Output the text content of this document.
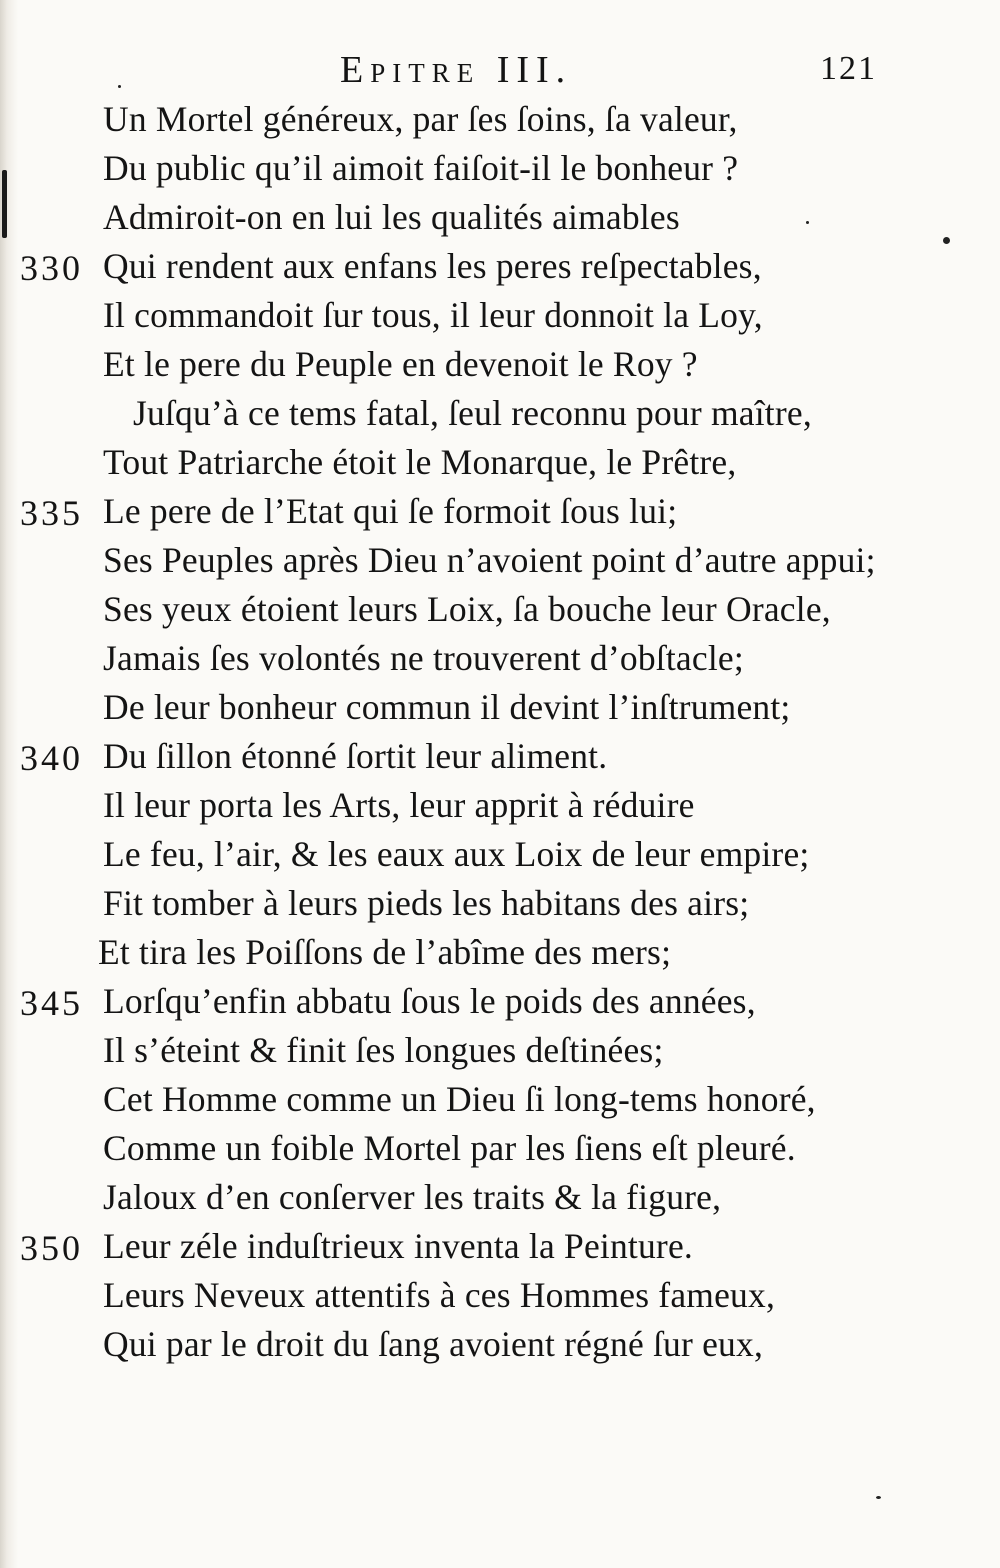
Epitre III.	121
Un Mortel généreux, par ſes ſoins, ſa valeur,
Du public qu’il aimoit faiſoit-il le bonheur ?
Admiroit-on en lui les qualités aimables
330 Qui rendent aux enfans les peres reſpectables,
Il commandoit ſur tous, il leur donnoit la Loy,
Et le pere du Peuple en devenoit le Roy ?
Juſqu’à ce tems fatal, ſeul reconnu pour maître,
Tout Patriarche étoit le Monarque, le Prêtre,
335 Le pere de l’Etat qui ſe formoit ſous lui;
Ses Peuples après Dieu n’avoient point d’autre appui;
Ses yeux étoient leurs Loix, ſa bouche leur Oracle,
Jamais ſes volontés ne trouverent d’obſtacle;
De leur bonheur commun il devint l’inſtrument;
340 Du ſillon étonné ſortit leur aliment.
Il leur porta les Arts, leur apprit à réduire
Le feu, l’air, & les eaux aux Loix de leur empire;
Fit tomber à leurs pieds les habitans des airs;
Et tira les Poiſſons de l’abîme des mers;
345 Lorſqu’enfin abbatu ſous le poids des années,
Il s’éteint & finit ſes longues deſtinées;
Cet Homme comme un Dieu ſi long-tems honoré,
Comme un foible Mortel par les ſiens eſt pleuré.
Jaloux d’en conſerver les traits & la figure,
350 Leur zéle induſtrieux inventa la Peinture.
Leurs Neveux attentifs à ces Hommes fameux,
Qui par le droit du ſang avoient régné ſur eux,
